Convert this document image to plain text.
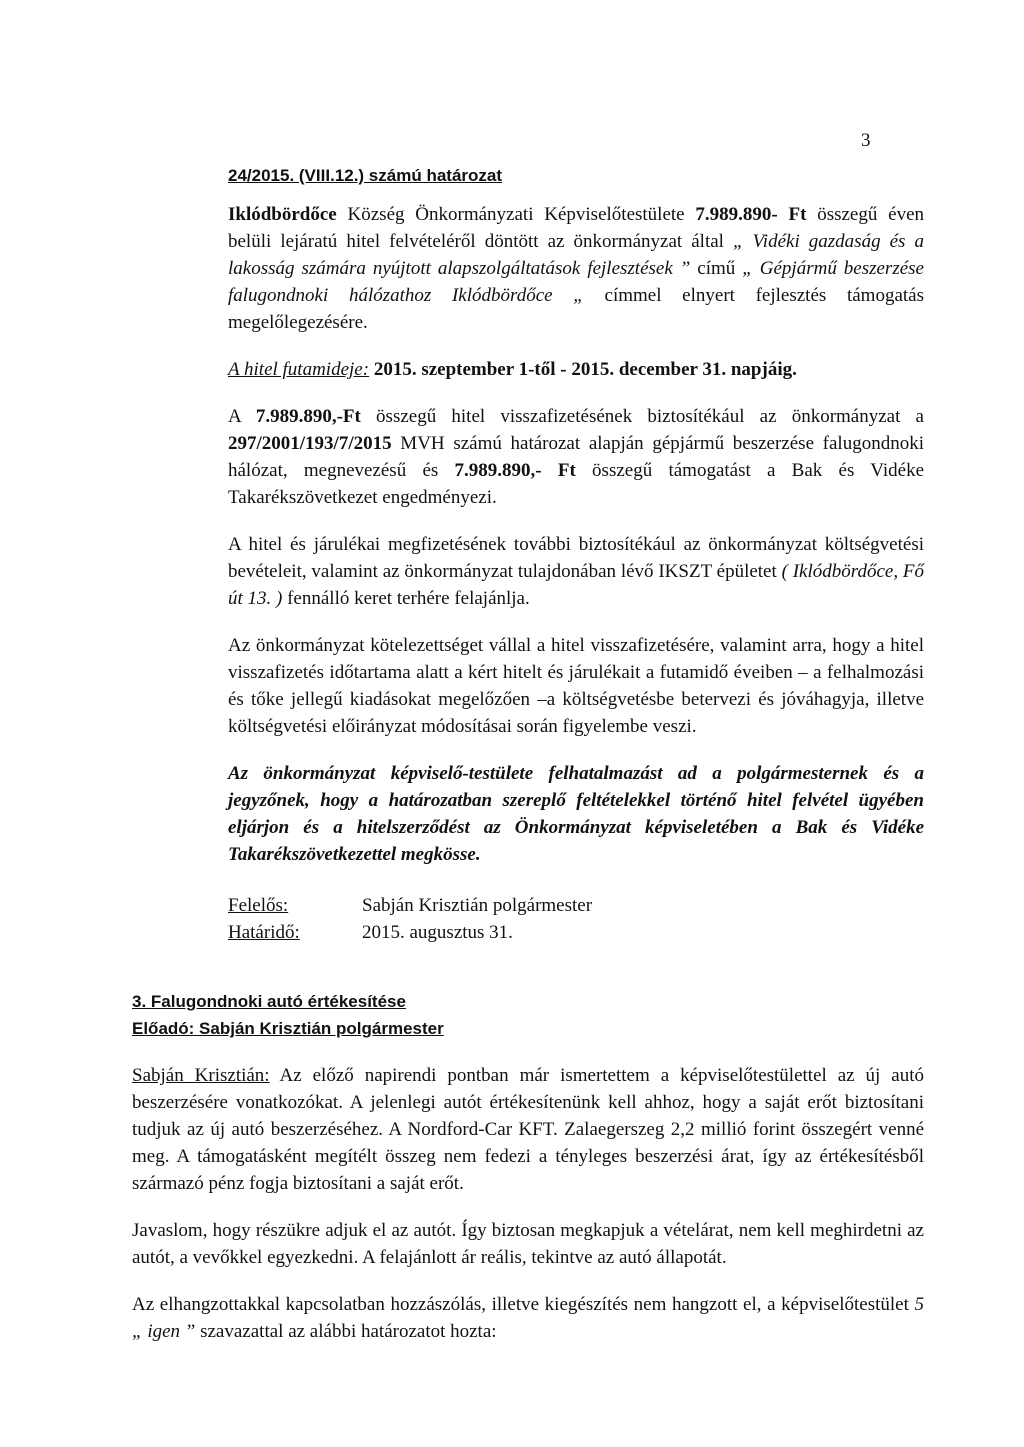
3
24/2015. (VIII.12.) számú határozat

Iklódbördőce Község Önkormányzati Képviselőtestülete 7.989.890- Ft összegű éven belüli lejáratú hitel felvételéről döntött az önkormányzat által „ Vidéki gazdaság és a lakosság számára nyújtott alapszolgáltatások fejlesztések ” című „ Gépjármű beszerzése falugondnoki hálózathoz Iklódbördőce „ címmel elnyert fejlesztés támogatás megelőlegezésére.

A hitel futamideje: 2015. szeptember 1-től - 2015. december 31. napjáig.

A 7.989.890,-Ft összegű hitel visszafizetésének biztosítékául az önkormányzat a 297/2001/193/7/2015 MVH számú határozat alapján gépjármű beszerzése falugondnoki hálózat, megnevezésű és 7.989.890,- Ft összegű támogatást a Bak és Vidéke Takarékszövetkezet engedményezi.

A hitel és járulékai megfizetésének további biztosítékául az önkormányzat költségvetési bevételeit, valamint az önkormányzat tulajdonában lévő IKSZT épületet ( Iklódbördőce, Fő út 13. ) fennálló keret terhére felajánlja.

Az önkormányzat kötelezettséget vállal a hitel visszafizetésére, valamint arra, hogy a hitel visszafizetés időtartama alatt a kért hitelt és járulékait a futamidő éveiben – a felhalmozási és tőke jellegű kiadásokat megelőzően –a költségvetésbe betervezi és jóváhagyja, illetve költségvetési előirányzat módosításai során figyelembe veszi.

Az önkormányzat képviselő-testülete felhatalmazást ad a polgármesternek és a jegyzőnek, hogy a határozatban szereplő feltételekkel történő hitel felvétel ügyében eljárjon és a hitelszerződést az Önkormányzat képviseletében a Bak és Vidéke Takarékszövetkezettel megkösse.

Felelős:	Sabján Krisztián polgármester
Határidő:	2015. augusztus 31.
3. Falugondnoki autó értékesítése
Előadó: Sabján Krisztián polgármester

Sabján Krisztián: Az előző napirendi pontban már ismertettem a képviselőtestülettel az új autó beszerzésére vonatkozókat. A jelenlegi autót értékesítenünk kell ahhoz, hogy a saját erőt biztosítani tudjuk az új autó beszerzéséhez. A Nordford-Car KFT. Zalaegerszeg 2,2 millió forint összegért venné meg. A támogatásként megítélt összeg nem fedezi a tényleges beszerzési árat, így az értékesítésből származó pénz fogja biztosítani a saját erőt.

Javaslom, hogy részükre adjuk el az autót. Így biztosan megkapjuk a vételárat, nem kell meghirdetni az autót, a vevőkkel egyezkedni. A felajánlott ár reális, tekintve az autó állapotát.

Az elhangzottakkal kapcsolatban hozzászólás, illetve kiegészítés nem hangzott el, a képviselőtestület 5 „ igen ” szavazattal az alábbi határozatot hozta:
